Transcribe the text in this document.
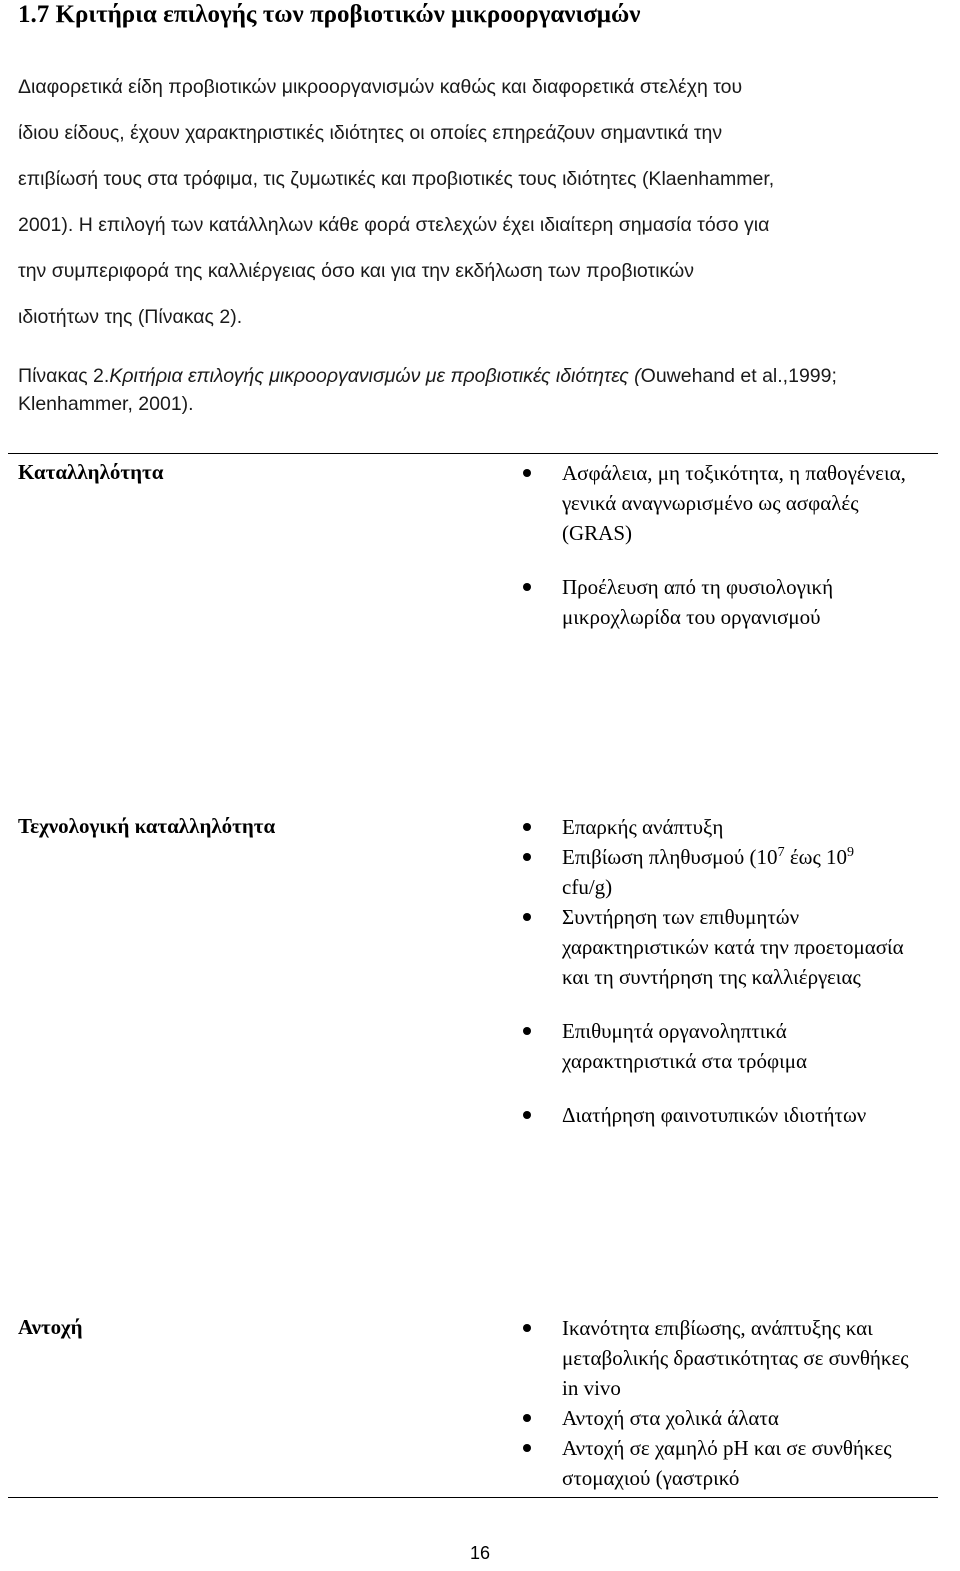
1.7 Κριτήρια επιλογής των προβιοτικών μικροοργανισμών

Διαφορετικά είδη προβιοτικών μικροοργανισμών καθώς και διαφορετικά στελέχη του
ίδιου είδους, έχουν χαρακτηριστικές ιδιότητες οι οποίες επηρεάζουν σημαντικά την
επιβίωσή τους στα τρόφιμα, τις ζυμωτικές και προβιοτικές τους ιδιότητες (Klaenhammer,
2001). Η επιλογή των κατάλληλων κάθε φορά στελεχών έχει ιδιαίτερη σημασία τόσο για
την συμπεριφορά της καλλιέργειας όσο και για την εκδήλωση των προβιοτικών
ιδιοτήτων της (Πίνακας 2).

Πίνακας 2.Κριτήρια επιλογής μικροοργανισμών με προβιοτικές ιδιότητες (Ouwehand et al.,1999; Klenhammer, 2001).

Καταλληλότητα	Ασφάλεια, μη τοξικότητα, η παθογένεια, γενικά αναγνωρισμένο ως ασφαλές (GRAS)
Προέλευση από τη φυσιολογική μικροχλωρίδα του οργανισμού
Τεχνολογική καταλληλότητα	Επαρκής ανάπτυξη
Επιβίωση πληθυσμού ($10^7$ έως $10^9$
cfu/g)
Συντήρηση των επιθυμητών χαρακτηριστικών κατά την προετομασία και τη συντήρηση της καλλιέργειας
Επιθυμητά οργανοληπτικά χαρακτηριστικά στα τρόφιμα
Διατήρηση φαινοτυπικών ιδιοτήτων
Αντοχή	Ικανότητα επιβίωσης, ανάπτυξης και μεταβολικής δραστικότητας σε συνθήκες in vivo
Αντοχή στα χολικά άλατα
Αντοχή σε χαμηλό pH και σε συνθήκες στομαχιού (γαστρικό
16
